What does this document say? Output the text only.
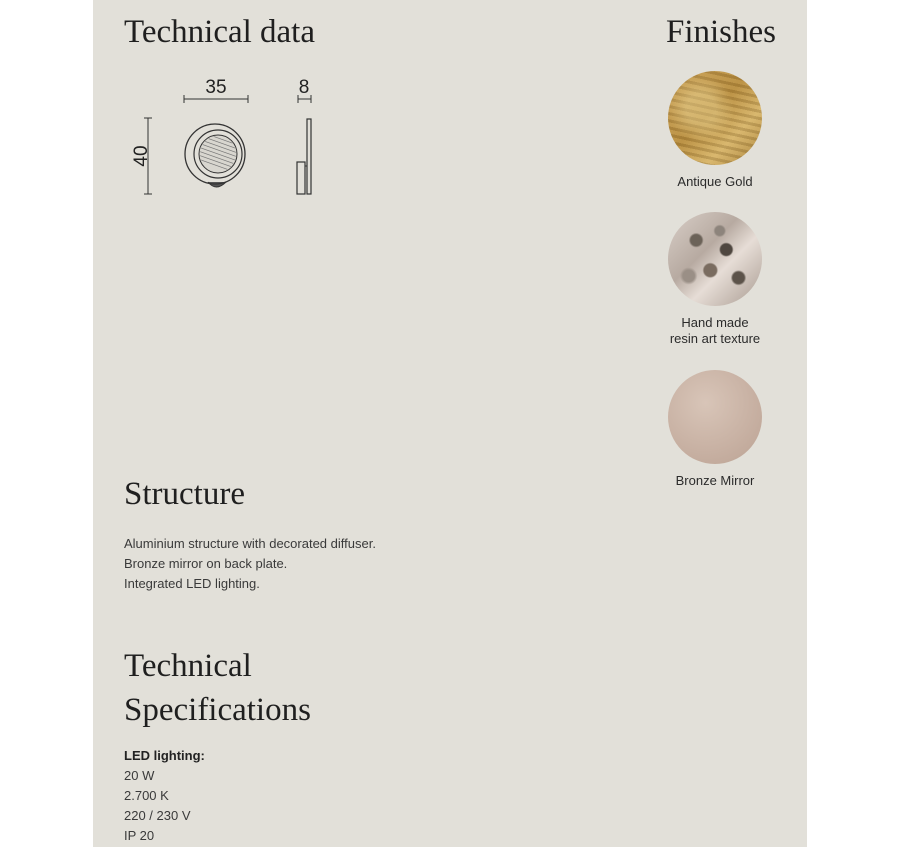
Technical data
35	8
40
Finishes
Antique Gold
Hand made
resin art texture
Bronze Mirror
Structure
Aluminium structure with decorated diffuser.
Bronze mirror on back plate.
Integrated LED lighting.
Technical
Specifications
LED lighting:
20 W
2.700 K
220 / 230 V
IP 20
